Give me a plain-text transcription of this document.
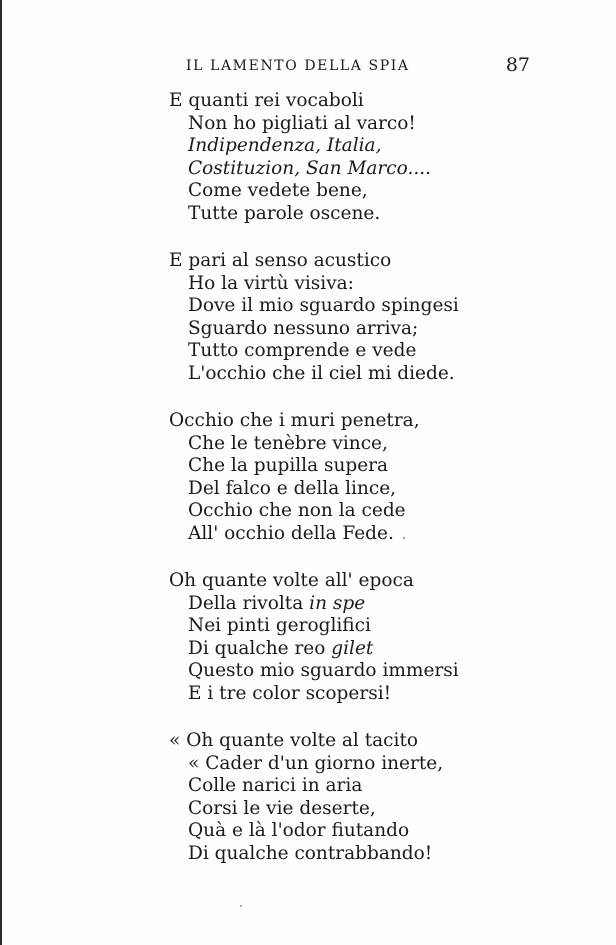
IL LAMENTO DELLA SPIA	87
E quanti rei vocaboli
Non ho pigliati al varco!
Indipendenza, Italia,
Costituzion, San Marco....
Come vedete bene,
Tutte parole oscene.
E pari al senso acustico
Ho la virtù visiva:
Dove il mio sguardo spingesi
Sguardo nessuno arriva;
Tutto comprende e vede
L'occhio che il ciel mi diede.
Occhio che i muri penetra,
Che le tenèbre vince,
Che la pupilla supera
Del falco e della lince,
Occhio che non la cede
All' occhio della Fede.
Oh quante volte all' epoca
Della rivolta in spe
Nei pinti geroglifici
Di qualche reo gilet
Questo mio sguardo immersi
E i tre color scopersi!
« Oh quante volte al tacito
« Cader d'un giorno inerte,
Colle narici in aria
Corsi le vie deserte,
Quà e là l'odor fiutando
Di qualche contrabbando!
